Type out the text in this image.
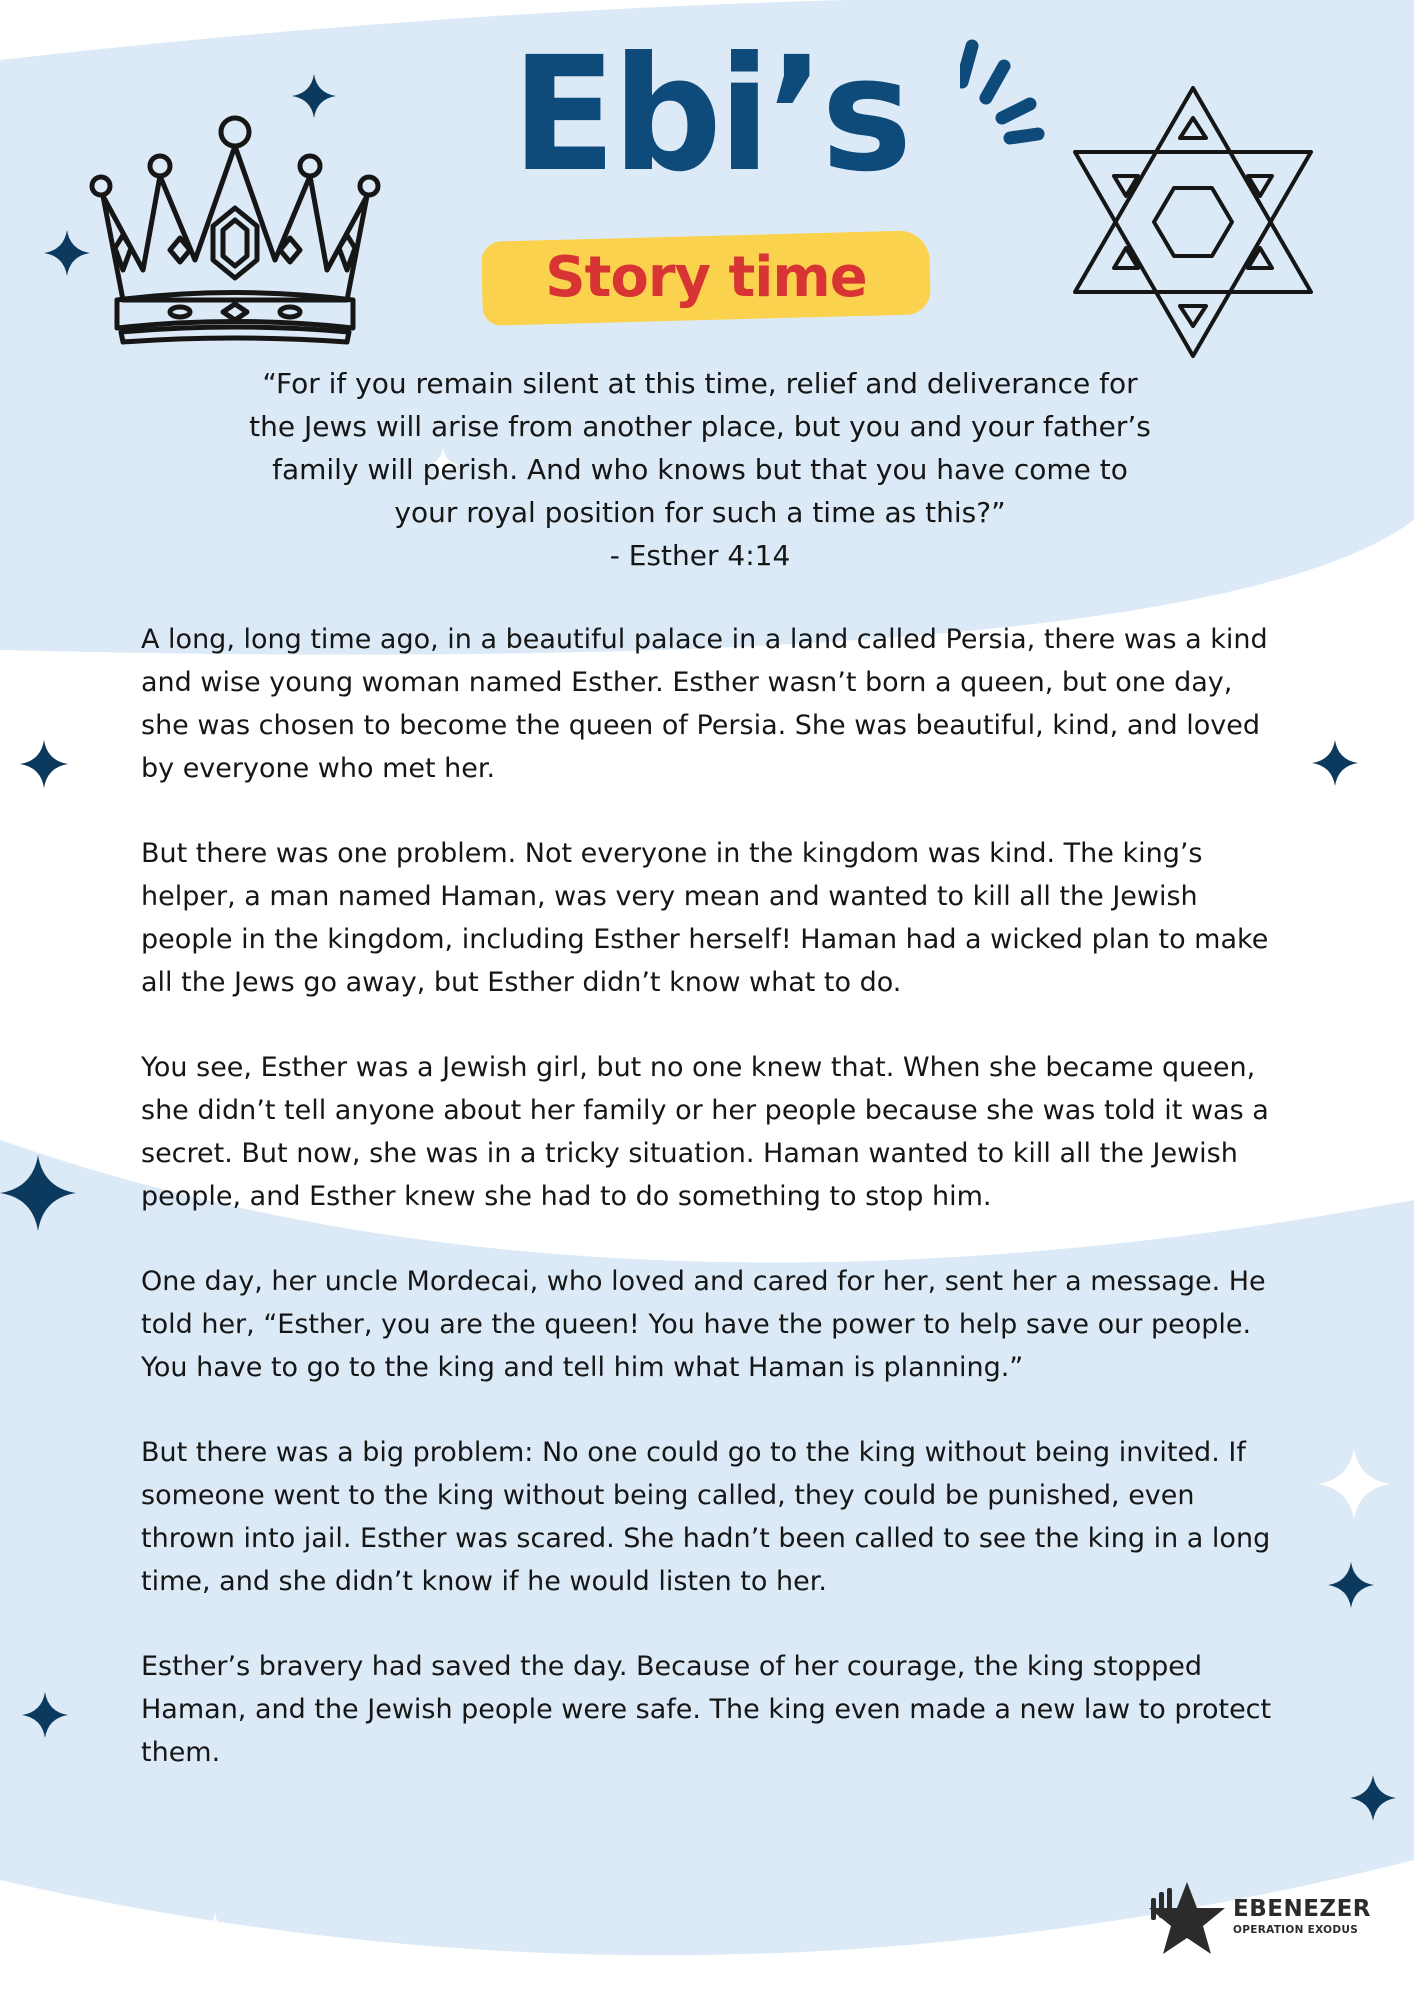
Ebi’s
Story time

“For if you remain silent at this time, relief and deliverance for

the Jews will arise from another place, but you and your father’s

family will perish. And who knows but that you have come to

your royal position for such a time as this?”

- Esther 4:14

A long, long time ago, in a beautiful palace in a land called Persia, there was a kind and wise young woman named Esther. Esther wasn’t born a queen, but one day, she was chosen to become the queen of Persia. She was beautiful, kind, and loved by everyone who met her.

But there was one problem. Not everyone in the kingdom was kind. The king’s helper, a man named Haman, was very mean and wanted to kill all the Jewish people in the kingdom, including Esther herself! Haman had a wicked plan to make all the Jews go away, but Esther didn’t know what to do.

You see, Esther was a Jewish girl, but no one knew that. When she became queen, she didn’t tell anyone about her family or her people because she was told it was a secret. But now, she was in a tricky situation. Haman wanted to kill all the Jewish people, and Esther knew she had to do something to stop him.

One day, her uncle Mordecai, who loved and cared for her, sent her a message. He told her, “Esther, you are the queen! You have the power to help save our people. You have to go to the king and tell him what Haman is planning.”

But there was a big problem: No one could go to the king without being invited. If someone went to the king without being called, they could be punished, even thrown into jail. Esther was scared. She hadn’t been called to see the king in a long time, and she didn’t know if he would listen to her.

Esther’s bravery had saved the day. Because of her courage, the king stopped Haman, and the Jewish people were safe. The king even made a new law to protect them.

EBENEZER
OPERATION EXODUS
